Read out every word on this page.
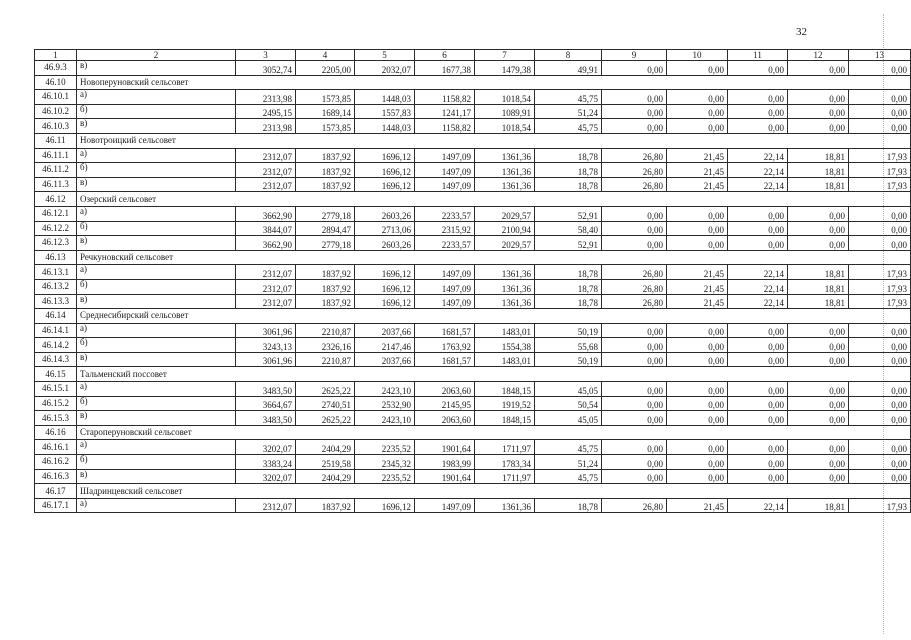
32
1	2	3	4	5	6	7	8	9	10	11	12	13
46.9.3	в)	3052,74	2205,00	2032,07	1677,38	1479,38	49,91	0,00	0,00	0,00	0,00	0,00
46.10	Новоперуновский сельсовет											
46.10.1	а)	2313,98	1573,85	1448,03	1158,82	1018,54	45,75	0,00	0,00	0,00	0,00	0,00
46.10.2	б)	2495,15	1689,14	1557,83	1241,17	1089,91	51,24	0,00	0,00	0,00	0,00	0,00
46.10.3	в)	2313,98	1573,85	1448,03	1158,82	1018,54	45,75	0,00	0,00	0,00	0,00	0,00
46.11	Новотроицкий сельсовет											
46.11.1	а)	2312,07	1837,92	1696,12	1497,09	1361,36	18,78	26,80	21,45	22,14	18,81	17,93
46.11.2	б)	2312,07	1837,92	1696,12	1497,09	1361,36	18,78	26,80	21,45	22,14	18,81	17,93
46.11.3	в)	2312,07	1837,92	1696,12	1497,09	1361,36	18,78	26,80	21,45	22,14	18,81	17,93
46.12	Озерский сельсовет											
46.12.1	а)	3662,90	2779,18	2603,26	2233,57	2029,57	52,91	0,00	0,00	0,00	0,00	0,00
46.12.2	б)	3844,07	2894,47	2713,06	2315,92	2100,94	58,40	0,00	0,00	0,00	0,00	0,00
46.12.3	в)	3662,90	2779,18	2603,26	2233,57	2029,57	52,91	0,00	0,00	0,00	0,00	0,00
46.13	Речкуновский сельсовет											
46.13.1	а)	2312,07	1837,92	1696,12	1497,09	1361,36	18,78	26,80	21,45	22,14	18,81	17,93
46.13.2	б)	2312,07	1837,92	1696,12	1497,09	1361,36	18,78	26,80	21,45	22,14	18,81	17,93
46.13.3	в)	2312,07	1837,92	1696,12	1497,09	1361,36	18,78	26,80	21,45	22,14	18,81	17,93
46.14	Среднесибирский сельсовет											
46.14.1	а)	3061,96	2210,87	2037,66	1681,57	1483,01	50,19	0,00	0,00	0,00	0,00	0,00
46.14.2	б)	3243,13	2326,16	2147,46	1763,92	1554,38	55,68	0,00	0,00	0,00	0,00	0,00
46.14.3	в)	3061,96	2210,87	2037,66	1681,57	1483,01	50,19	0,00	0,00	0,00	0,00	0,00
46.15	Тальменский поссовет											
46.15.1	а)	3483,50	2625,22	2423,10	2063,60	1848,15	45,05	0,00	0,00	0,00	0,00	0,00
46.15.2	б)	3664,67	2740,51	2532,90	2145,95	1919,52	50,54	0,00	0,00	0,00	0,00	0,00
46.15.3	в)	3483,50	2625,22	2423,10	2063,60	1848,15	45,05	0,00	0,00	0,00	0,00	0,00
46.16	Староперуновский сельсовет											
46.16.1	а)	3202,07	2404,29	2235,52	1901,64	1711,97	45,75	0,00	0,00	0,00	0,00	0,00
46.16.2	б)	3383,24	2519,58	2345,32	1983,99	1783,34	51,24	0,00	0,00	0,00	0,00	0,00
46.16.3	в)	3202,07	2404,29	2235,52	1901,64	1711,97	45,75	0,00	0,00	0,00	0,00	0,00
46.17	Шадринцевский сельсовет											
46.17.1	а)	2312,07	1837,92	1696,12	1497,09	1361,36	18,78	26,80	21,45	22,14	18,81	17,93
